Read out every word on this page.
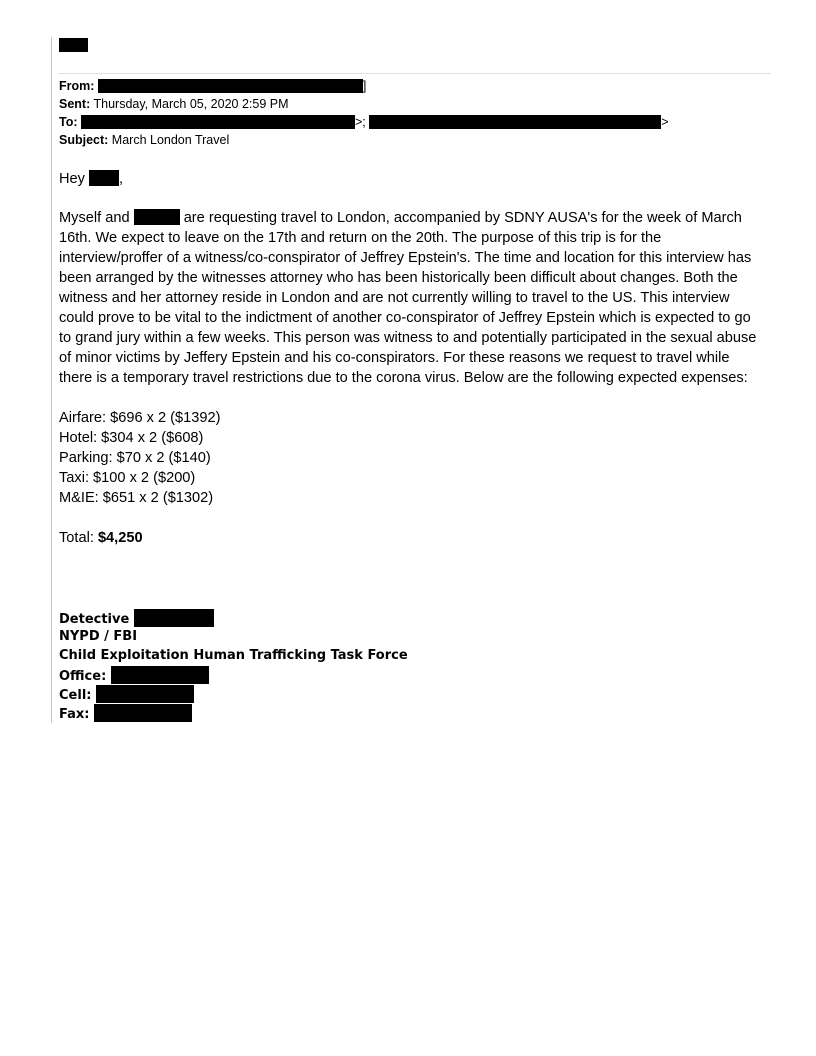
From:	]
Sent: Thursday, March 05, 2020 2:59 PM
To:	>;	>
Subject: March London Travel
Hey ,
Myself and	are requesting travel to London, accompanied by SDNY AUSA's for the week of March
16th. We expect to leave on the 17th and return on the 20th. The purpose of this trip is for the
interview/proffer of a witness/co-conspirator of Jeffrey Epstein's. The time and location for this interview has
been arranged by the witnesses attorney who has been historically been difficult about changes. Both the
witness and her attorney reside in London and are not currently willing to travel to the US. This interview
could prove to be vital to the indictment of another co-conspirator of Jeffrey Epstein which is expected to go
to grand jury within a few weeks. This person was witness to and potentially participated in the sexual abuse
of minor victims by Jeffery Epstein and his co-conspirators. For these reasons we request to travel while
there is a temporary travel restrictions due to the corona virus. Below are the following expected expenses:
Airfare: $696 x 2 ($1392)
Hotel: $304 x 2 ($608)
Parking: $70 x 2 ($140)
Taxi: $100 x 2 ($200)
M&IE: $651 x 2 ($1302)
Total: $4,250
Detective
NYPD / FBI
Child Exploitation Human Trafficking Task Force
Office:
Cell:
Fax:
